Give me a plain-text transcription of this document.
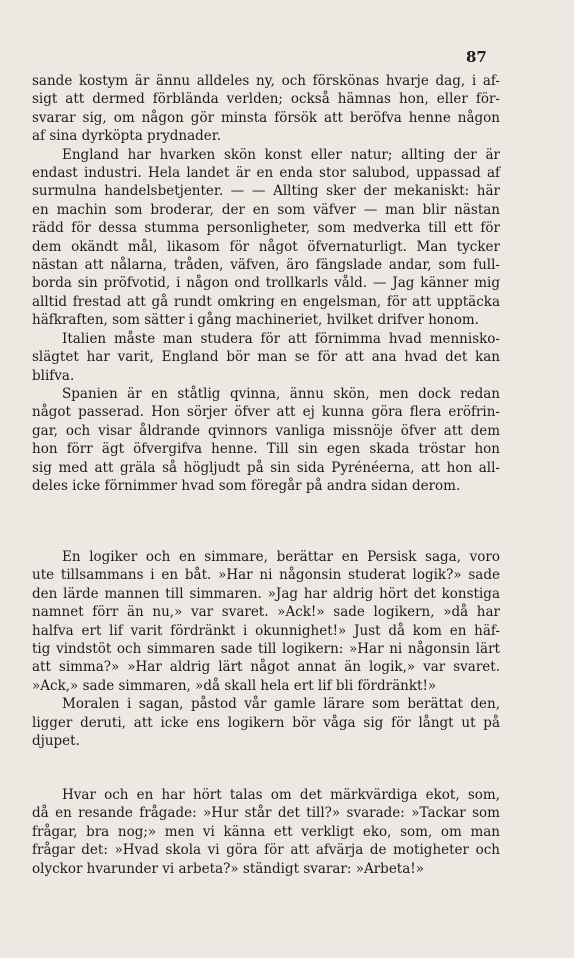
87
sande kostym är ännu alldeles ny, och förskönas hvarje dag, i af-
sigt att dermed förblända verlden; också hämnas hon, eller för-
svarar sig, om någon gör minsta försök att beröfva henne någon
af sina dyrköpta prydnader.
England har hvarken skön konst eller natur; allting der är
endast industri. Hela landet är en enda stor salubod, uppassad af
surmulna handelsbetjenter. — — Allting sker der mekaniskt: här
en machin som broderar, der en som väfver — man blir nästan
rädd för dessa stumma personligheter, som medverka till ett för
dem okändt mål, likasom för något öfvernaturligt. Man tycker
nästan att nålarna, tråden, väfven, äro fängslade andar, som full-
borda sin pröfvotid, i någon ond trollkarls våld. — Jag känner mig
alltid frestad att gå rundt omkring en engelsman, för att upptäcka
häfkraften, som sätter i gång machineriet, hvilket drifver honom.
Italien måste man studera för att förnimma hvad mennisko-
slägtet har varit, England bör man se för att ana hvad det kan
blifva.
Spanien är en ståtlig qvinna, ännu skön, men dock redan
något passerad. Hon sörjer öfver att ej kunna göra flera eröfrin-
gar, och visar åldrande qvinnors vanliga missnöje öfver att dem
hon förr ägt öfvergifva henne. Till sin egen skada tröstar hon
sig med att gräla så högljudt på sin sida Pyrénéerna, att hon all-
deles icke förnimmer hvad som föregår på andra sidan derom.
En logiker och en simmare, berättar en Persisk saga, voro
ute tillsammans i en båt. »Har ni någonsin studerat logik?» sade
den lärde mannen till simmaren. »Jag har aldrig hört det konstiga
namnet förr än nu,» var svaret. »Ack!» sade logikern, »då har
halfva ert lif varit fördränkt i okunnighet!» Just då kom en häf-
tig vindstöt och simmaren sade till logikern: »Har ni någonsin lärt
att simma?» »Har aldrig lärt något annat än logik,» var svaret.
»Ack,» sade simmaren, »då skall hela ert lif bli fördränkt!»
Moralen i sagan, påstod vår gamle lärare som berättat den,
ligger deruti, att icke ens logikern bör våga sig för långt ut på
djupet.
Hvar och en har hört talas om det märkvärdiga ekot, som,
då en resande frågade: »Hur står det till?» svarade: »Tackar som
frågar, bra nog;» men vi känna ett verkligt eko, som, om man
frågar det: »Hvad skola vi göra för att afvärja de motigheter och
olyckor hvarunder vi arbeta?» ständigt svarar: »Arbeta!»
